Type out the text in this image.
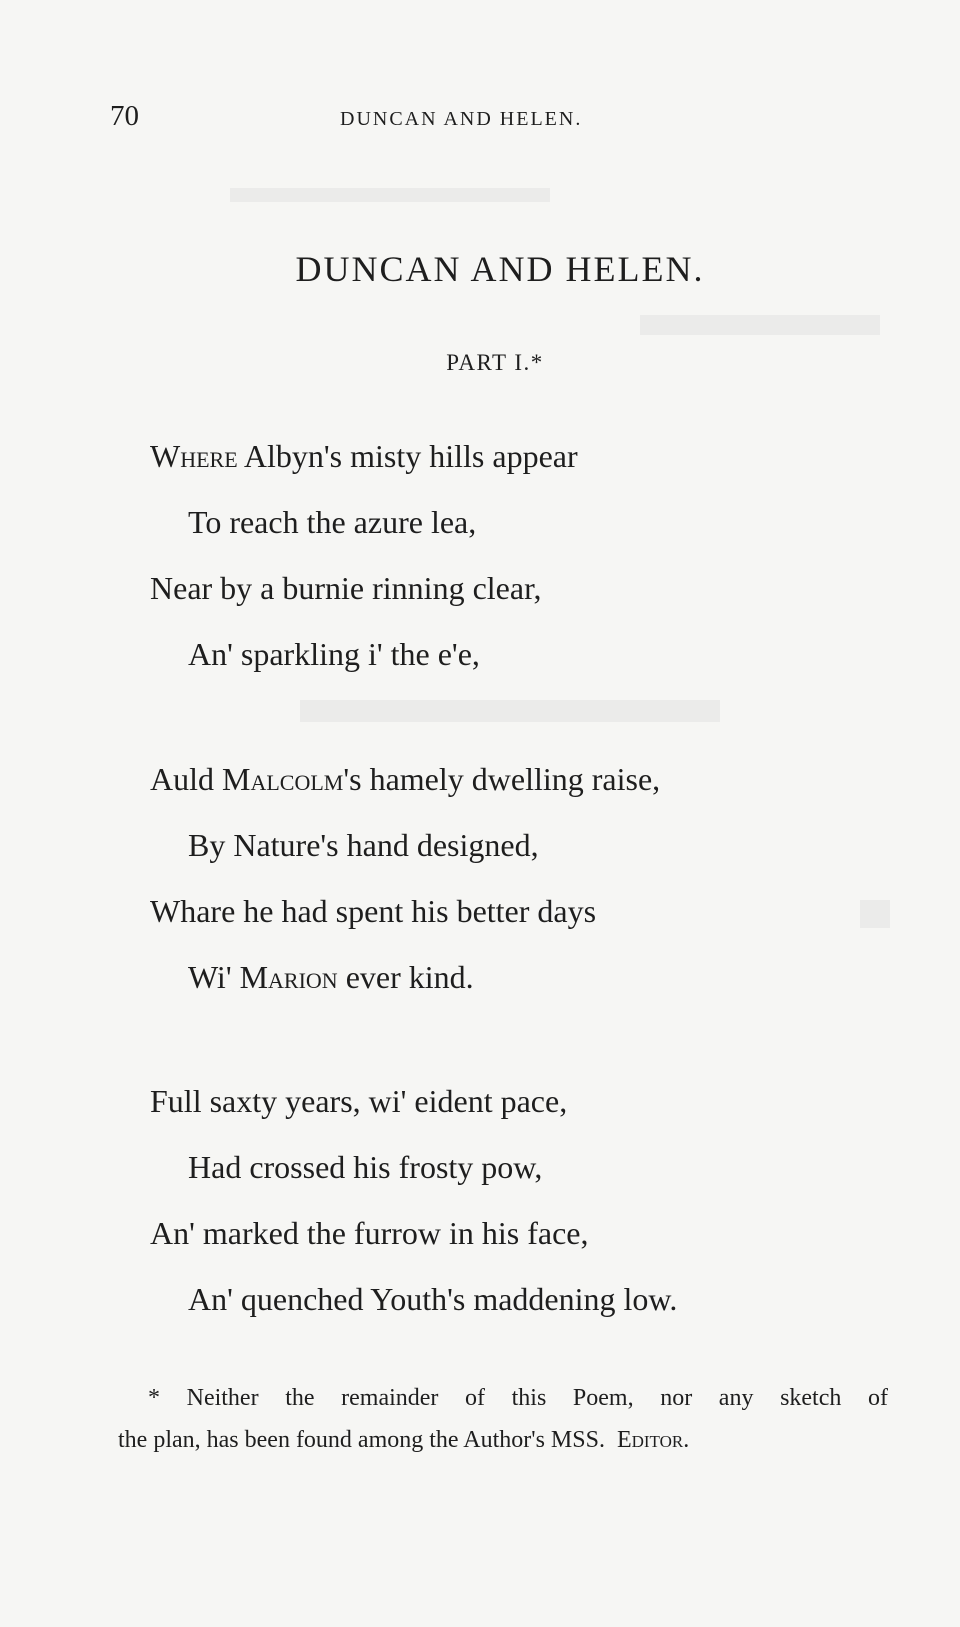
70	DUNCAN AND HELEN.
DUNCAN AND HELEN.
PART I.*
Where Albyn's misty hills appear
To reach the azure lea,
Near by a burnie rinning clear,
An' sparkling i' the e'e,
Auld Malcolm's hamely dwelling raise,
By Nature's hand designed,
Whare he had spent his better days
Wi' Marion ever kind.
Full saxty years, wi' eident pace,
Had crossed his frosty pow,
An' marked the furrow in his face,
An' quenched Youth's maddening low.
* Neither the remainder of this Poem, nor any sketch of
the plan, has been found among the Author's MSS. Editor.
